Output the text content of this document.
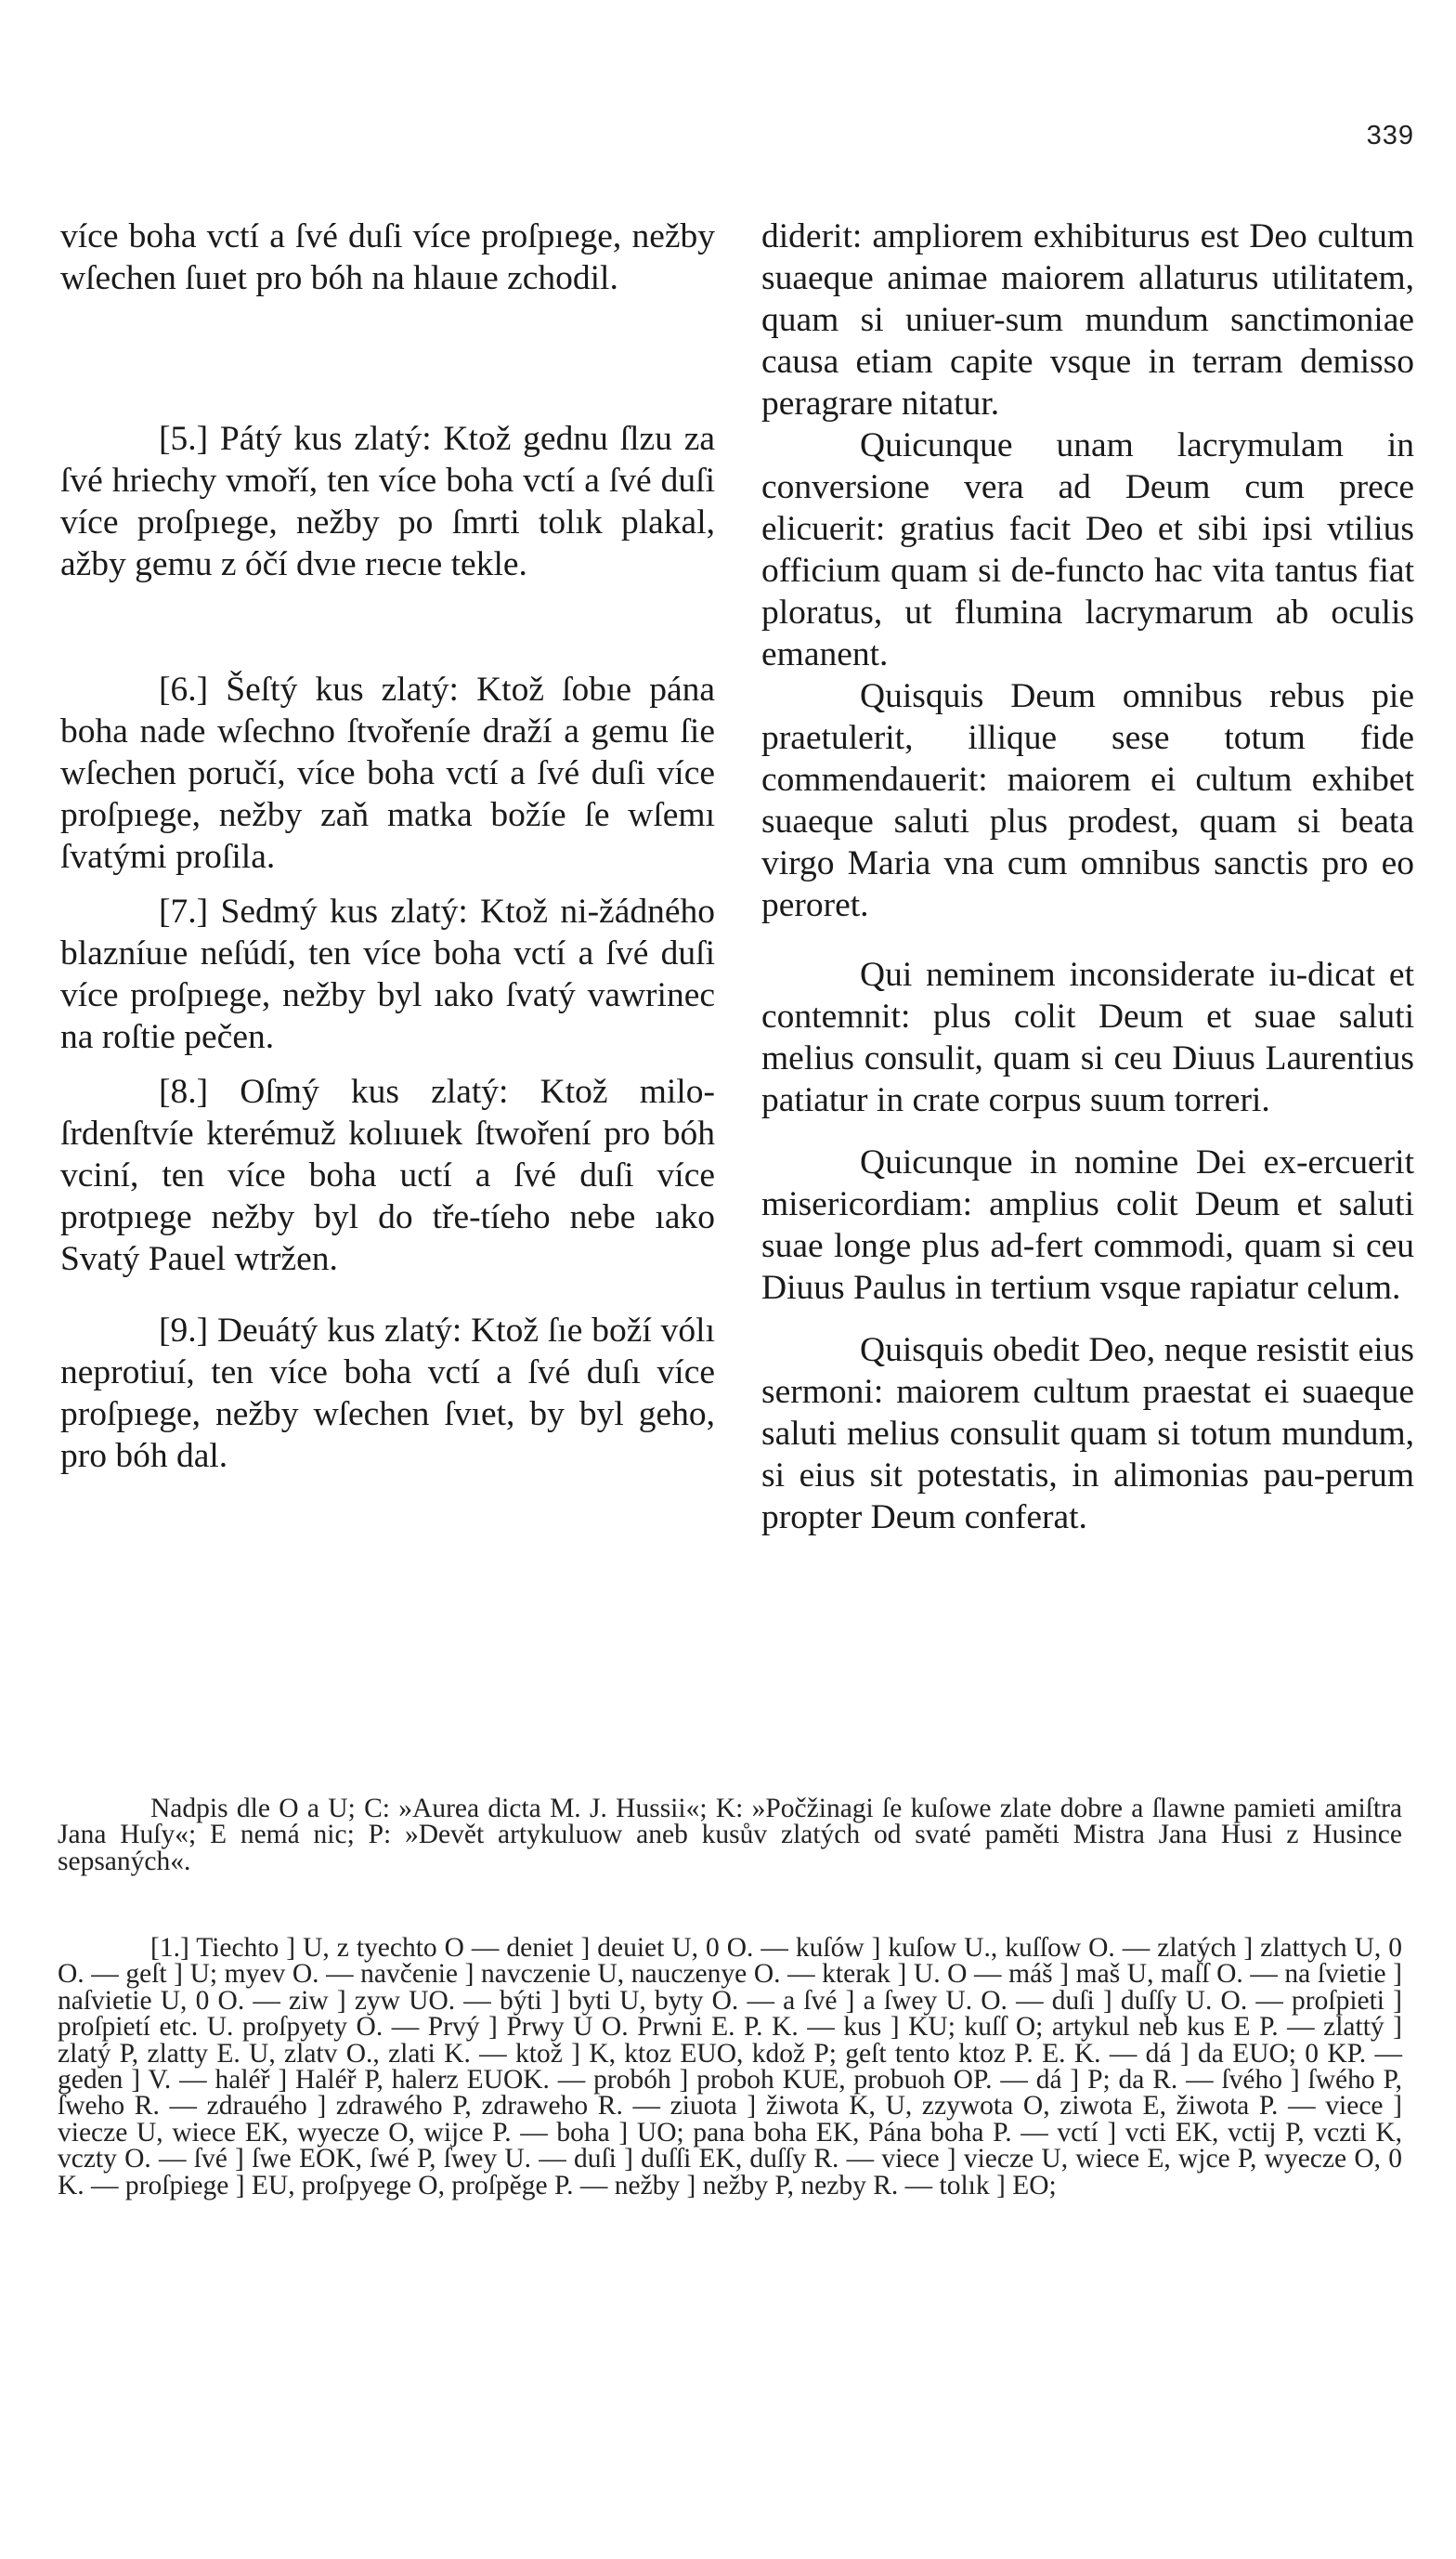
339

více boha vctí a ſvé duſi více proſpıege, nežby wſechen ſuıet pro bóh na hlauıe zchodil.

[5.] Pátý kus zlatý: Ktož gednu ſlzu za ſvé hriechy vmoří, ten více boha vctí a ſvé duſi více proſpıege, nežby po ſmrti tolık plakal, ažby gemu z óčí dvıe rıecıe tekle.

[6.] Šeſtý kus zlatý: Ktož ſobıe pána boha nade wſechno ſtvořeníe draží a gemu ſie wſechen poručí, více boha vctí a ſvé duſi více proſpıege, nežby zaň matka božíe ſe wſemı ſvatými proſila.

[7.] Sedmý kus zlatý: Ktož ni-žádného blazníuıe neſúdí, ten více boha vctí a ſvé duſi více proſpıege, nežby byl ıako ſvatý vawrinec na roſtie pečen.

[8.] Oſmý kus zlatý: Ktož milo-ſrdenſtvíe kterémuž kolıuıek ſtwoření pro bóh vciní, ten více boha uctí a ſvé duſi více protpıege nežby byl do tře-tíeho nebe ıako Svatý Pauel wtržen.

[9.] Deuátý kus zlatý: Ktož ſıe boží vólı neprotiuí, ten více boha vctí a ſvé duſı více proſpıege, nežby wſechen ſvıet, by byl geho, pro bóh dal.

diderit: ampliorem exhibiturus est Deo cultum suaeque animae maiorem allaturus utilitatem, quam si uniuer-sum mundum sanctimoniae causa etiam capite vsque in terram demisso peragrare nitatur.

Quicunque unam lacrymulam in conversione vera ad Deum cum prece elicuerit: gratius facit Deo et sibi ipsi vtilius officium quam si de-functo hac vita tantus fiat ploratus, ut flumina lacrymarum ab oculis emanent.

Quisquis Deum omnibus rebus pie praetulerit, illique sese totum fide commendauerit: maiorem ei cultum exhibet suaeque saluti plus prodest, quam si beata virgo Maria vna cum omnibus sanctis pro eo peroret.

Qui neminem inconsiderate iu-dicat et contemnit: plus colit Deum et suae saluti melius consulit, quam si ceu Diuus Laurentius patiatur in crate corpus suum torreri.

Quicunque in nomine Dei ex-ercuerit misericordiam: amplius colit Deum et saluti suae longe plus ad-fert commodi, quam si ceu Diuus Paulus in tertium vsque rapiatur celum.

Quisquis obedit Deo, neque resistit eius sermoni: maiorem cultum praestat ei suaeque saluti melius consulit quam si totum mundum, si eius sit potestatis, in alimonias pau-perum propter Deum conferat.

Nadpis dle O a U; C: »Aurea dicta M. J. Hussii«; K: »Počžinagi ſe kuſowe zlate dobre a ſlawne pamieti amiſtra Jana Huſy«; E nemá nic; P: »Devět artykuluow aneb kusův zlatých od svaté paměti Mistra Jana Husi z Husince sepsaných«.

[1.] Tiechto ] U, z tyechto O — deniet ] deuiet U, 0 O. — kuſów ] kuſow U., kuſſow O. — zlatých ] zlattych U, 0 O. — geſt ] U; myev O. — navčenie ] navczenie U, nauczenye O. — kterak ] U. O — máš ] maš U, maſſ O. — na ſvietie ] naſvietie U, 0 O. — ziw ] zyw UO. — býti ] byti U, byty O. — a ſvé ] a ſwey U. O. — duſi ] duſſy U. O. — proſpieti ] proſpietí etc. U. proſpyety O. — Prvý ] Prwy U O. Prwni E. P. K. — kus ] KU; kuſſ O; artykul neb kus E P. — zlattý ] zlatý P, zlatty E. U, zlatv O., zlati K. — ktož ] K, ktoz EUO, kdož P; geſt tento ktoz P. E. K. — dá ] da EUO; 0 KP. — geden ] V. — haléř ] Haléř P, halerz EUOK. — probóh ] proboh KUE, probuoh OP. — dá ] P; da R. — ſvého ] ſwého P, ſweho R. — zdrauého ] zdrawého P, zdraweho R. — ziuota ] žiwota K, U, zzywota O, ziwota E, žiwota P. — viece ] viecze U, wiece EK, wyecze O, wijce P. — boha ] UO; pana boha EK, Pána boha P. — vctí ] vcti EK, vctij P, vczti K, vczty O. — ſvé ] ſwe EOK, ſwé P, ſwey U. — duſi ] duſſi EK, duſſy R. — viece ] viecze U, wiece E, wjce P, wyecze O, 0 K. — proſpiege ] EU, proſpyege O, proſpěge P. — nežby ] nežby P, nezby R. — tolık ] EO;
